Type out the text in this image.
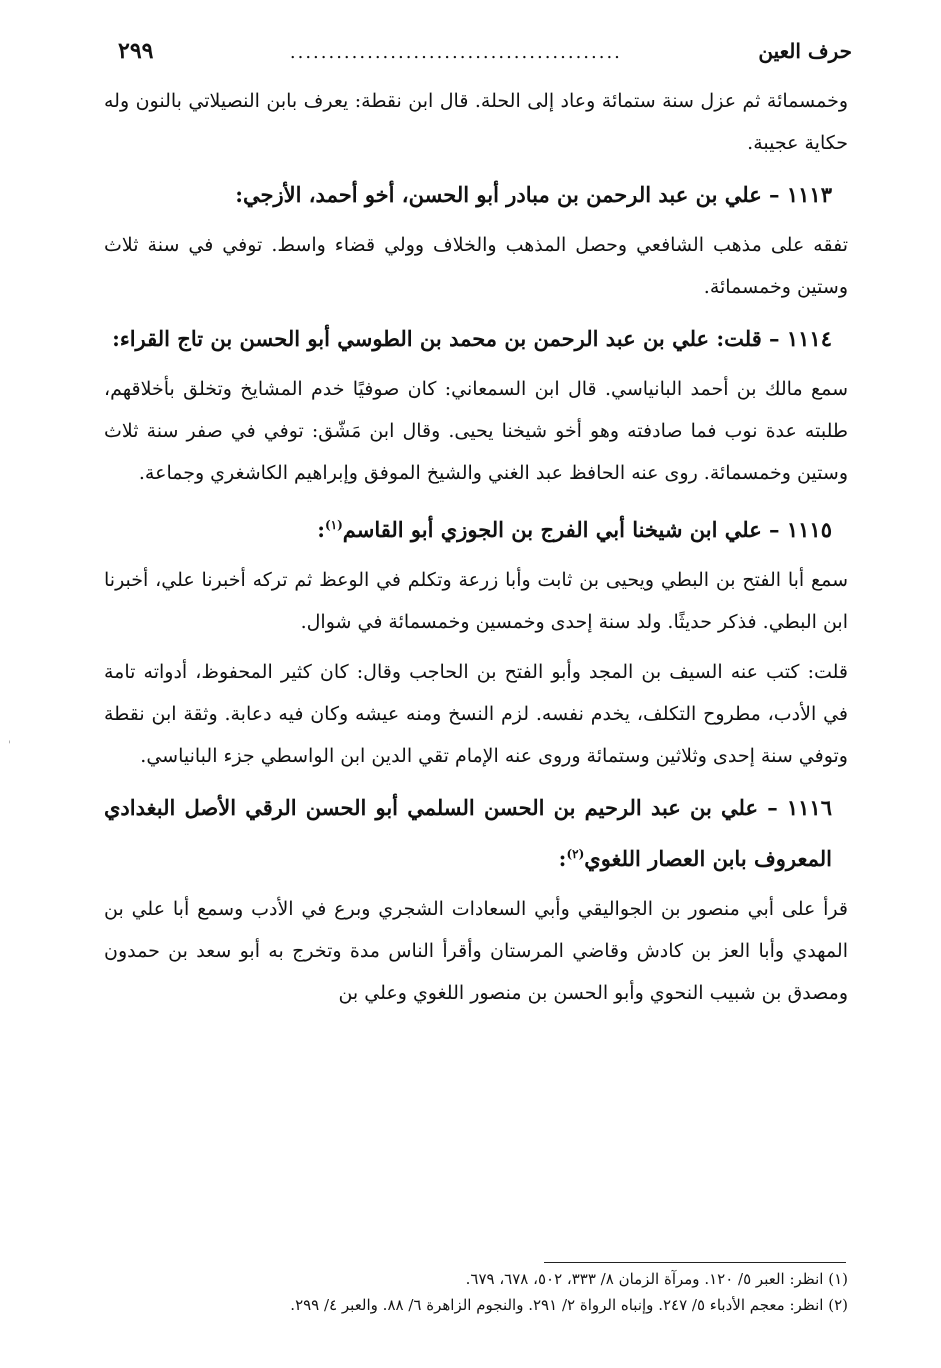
حرف العين
...........................................
٢٩٩

وخمسمائة ثم عزل سنة ستمائة وعاد إلى الحلة. قال ابن نقطة: يعرف بابن النصيلاتي بالنون وله حكاية عجيبة.

١١١٣ – علي بن عبد الرحمن بن مبادر أبو الحسن، أخو أحمد، الأزجي:

تفقه على مذهب الشافعي وحصل المذهب والخلاف وولي قضاء واسط. توفي في سنة ثلاث وستين وخمسمائة.

١١١٤ – قلت: علي بن عبد الرحمن بن محمد بن الطوسي أبو الحسن بن تاج القراء:

سمع مالك بن أحمد البانياسي. قال ابن السمعاني: كان صوفيًا خدم المشايخ وتخلق بأخلاقهم، طلبته عدة نوب فما صادفته وهو أخو شيخنا يحيى. وقال ابن مَشّق: توفي في صفر سنة ثلاث وستين وخمسمائة. روى عنه الحافظ عبد الغني والشيخ الموفق وإبراهيم الكاشغري وجماعة.

١١١٥ – علي ابن شيخنا أبي الفرج بن الجوزي أبو القاسم$^{(١)}$:

سمع أبا الفتح بن البطي ويحيى بن ثابت وأبا زرعة وتكلم في الوعظ ثم تركه أخبرنا علي، أخبرنا ابن البطي. فذكر حديثًا. ولد سنة إحدى وخمسين وخمسمائة في شوال.

قلت: كتب عنه السيف بن المجد وأبو الفتح بن الحاجب وقال: كان كثير المحفوظ، أدواته تامة في الأدب، مطروح التكلف، يخدم نفسه. لزم النسخ ومنه عيشه وكان فيه دعابة. وثقة ابن نقطة وتوفي سنة إحدى وثلاثين وستمائة وروى عنه الإمام تقي الدين ابن الواسطي جزء البانياسي.

١١١٦ – علي بن عبد الرحيم بن الحسن السلمي أبو الحسن الرقي الأصل البغدادي المعروف بابن العصار اللغوي$^{(٢)}$:

قرأ على أبي منصور بن الجواليقي وأبي السعادات الشجري وبرع في الأدب وسمع أبا علي بن المهدي وأبا العز بن كادش وقاضي المرستان وأقرأ الناس مدة وتخرج به أبو سعد بن حمدون ومصدق بن شبيب النحوي وأبو الحسن بن منصور اللغوي وعلي بن

(١) انظر: العبر ٥/ ١٢٠. ومرآة الزمان ٨/ ٣٣٣، ٥٠٢، ٦٧٨، ٦٧٩.

(٢) انظر: معجم الأدباء ٥/ ٢٤٧. وإنباه الرواة ٢/ ٢٩١. والنجوم الزاهرة ٦/ ٨٨. والعبر ٤/ ٢٩٩.

'
